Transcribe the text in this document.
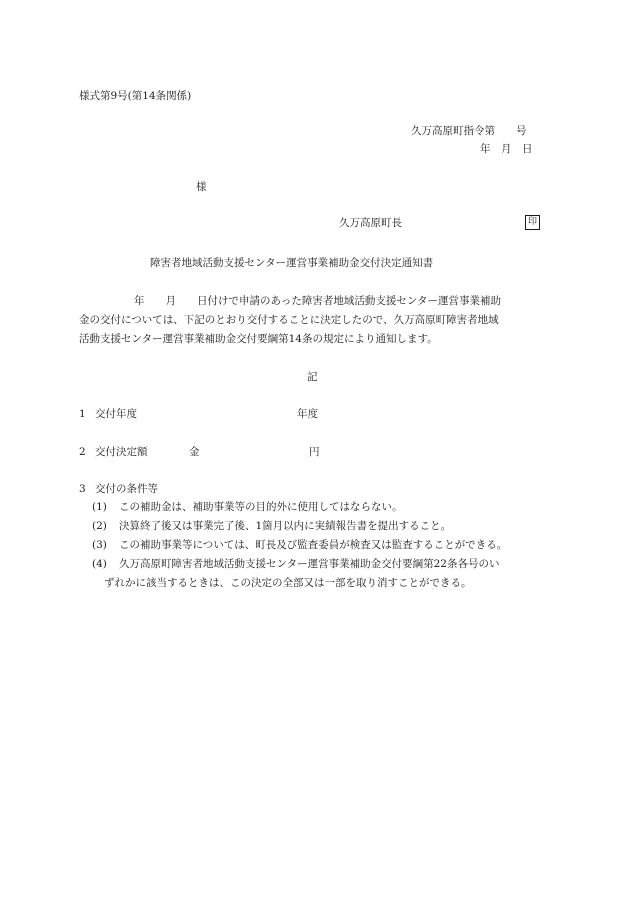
様式第9号(第14条関係)
久万高原町指令第　　号
年　月　日
様
久万高原町長	印
障害者地域活動支援センター運営事業補助金交付決定通知書
年　　月　　日付けで申請のあった障害者地域活動支援センター運営事業補助
金の交付については、下記のとおり交付することに決定したので、久万高原町障害者地域
活動支援センター運営事業補助金交付要綱第14条の規定により通知します。
記
1 交付年度	年度
2 交付決定額	金	円
3 交付の条件等
(1) この補助金は、補助事業等の目的外に使用してはならない。
(2) 決算終了後又は事業完了後、1箇月以内に実績報告書を提出すること。
(3) この補助事業等については、町長及び監査委員が検査又は監査することができる。
(4) 久万高原町障害者地域活動支援センター運営事業補助金交付要綱第22条各号のい
ずれかに該当するときは、この決定の全部又は一部を取り消すことができる。
